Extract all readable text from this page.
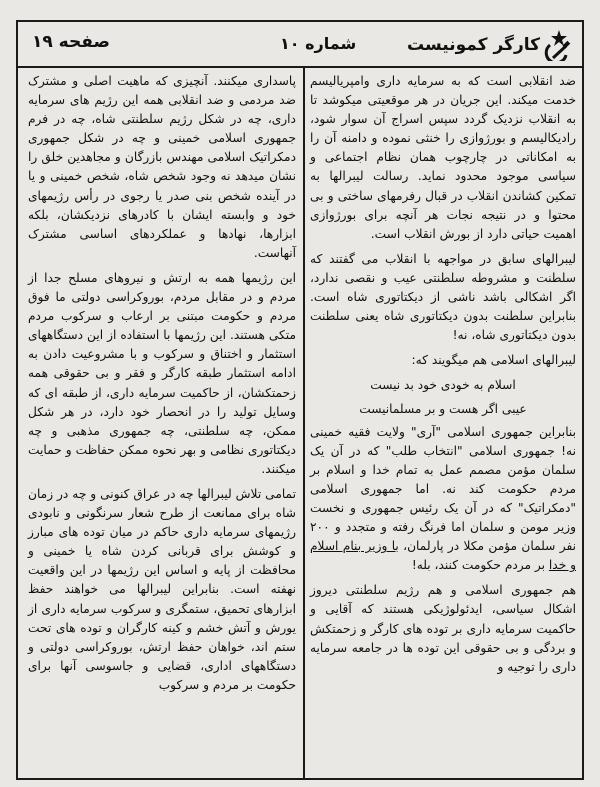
کارگر کمونیست
شماره ۱۰
صفحه ۱۹

ضد انقلابی است که به سرمایه داری وامپریالیسم خدمت میکند. این جریان در هر موقعیتی میکوشد تا به انقلاب نزدیک گردد سپس اسراج آن سوار شود، رادیکالیسم و بورژوازی را خنثی نموده و دامنه آن را به امکاناتی در چارچوب همان نظام اجتماعی و سیاسی موجود محدود نماید. رسالت لیبرالها به تمکین کشاندن انقلاب در قبال رفرمهای ساختی و بی محتوا و در نتیجه نجات هر آنچه برای بورژوازی اهمیت حیاتی دارد از بورش انقلاب است.

لیبرالهای سابق در مواجهه با انقلاب می گفتند که سلطنت و مشروطه سلطنتی عیب و نقصی ندارد، اگر اشکالی باشد ناشی از دیکتاتوری شاه است. بنابراین سلطنت بدون دیکتاتوری شاه یعنی سلطنت بدون دیکتاتوری شاه، نه!

لیبرالهای اسلامی هم میگویند که:

اسلام به خودی خود بد نیست
عیبی اگر هست و بر مسلمانیست

بنابراین جمهوری اسلامی "آری" ولایت فقیه خمینی نه! جمهوری اسلامی "انتخاب طلب" که در آن یک سلمان مؤمن مصمم عمل به تمام خدا و اسلام بر مردم حکومت کند نه. اما جمهوری اسلامی "دمکراتیک" که در آن یک رئیس جمهوری و نخست وزیر مومن و سلمان اما فرنگ رفته و متجدد و ۲۰۰ نفر سلمان مؤمن مکلا در پارلمان، با وزیر بنام اسلام و خدا بر مردم حکومت کنند، بله!

هم جمهوری اسلامی و هم رژیم سلطنتی دیروز اشکال سیاسی، ایدئولوژیکی هستند که آقایی و حاکمیت سرمایه داری بر توده های کارگر و زحمتکش و بردگی و بی حقوقی این توده ها در جامعه سرمایه داری را توجیه و

پاسداری میکنند. آنچیزی که ماهیت اصلی و مشترک ضد مردمی و ضد انقلابی همه این رژیم های سرمایه داری، چه در شکل رژیم سلطنتی شاه، چه در فرم جمهوری اسلامی خمینی و چه در شکل جمهوری دمکراتیک اسلامی مهندس بازرگان و مجاهدین خلق را نشان میدهد نه وجود شخص شاه، شخص خمینی و یا در آینده شخص بنی صدر یا رجوی در رأس رژیمهای خود و وابسته ایشان با کادرهای نزدیکشان، بلکه ابزارها، نهادها و عملکردهای اساسی مشترک آنهاست.

این رژیمها همه به ارتش و نیروهای مسلح جدا از مردم و در مقابل مردم، بوروکراسی دولتی ما فوق مردم و حکومت مبتنی بر ارعاب و سرکوب مردم متکی هستند. این رژیمها با استفاده از این دستگاههای استثمار و اختناق و سرکوب و با مشروعیت دادن به ادامه استثمار طبقه کارگر و فقر و بی حقوقی همه زحمتکشان، از حاکمیت سرمایه داری، از طبقه ای که وسایل تولید را در انحصار خود دارد، در هر شکل ممکن، چه سلطنتی، چه جمهوری مذهبی و چه دیکتاتوری نظامی و بهر نحوه ممکن حفاظت و حمایت میکنند.

تمامی تلاش لیبرالها چه در عراق کنونی و چه در زمان شاه برای ممانعت از طرح شعار سرنگونی و نابودی رژیمهای سرمایه داری حاکم در میان توده های مبارز و کوشش برای قربانی کردن شاه یا خمینی و محافظت از پایه و اساس این رژیمها در این واقعیت نهفته است. بنابراین لیبرالها می خواهند حفظ ابزارهای تحمیق، ستمگری و سرکوب سرمایه داری از یورش و آتش خشم و کینه کارگران و توده های تحت ستم اند، خواهان حفظ ارتش، بوروکراسی دولتی و دستگاههای اداری، قضایی و جاسوسی آنها برای حکومت بر مردم و سرکوب
